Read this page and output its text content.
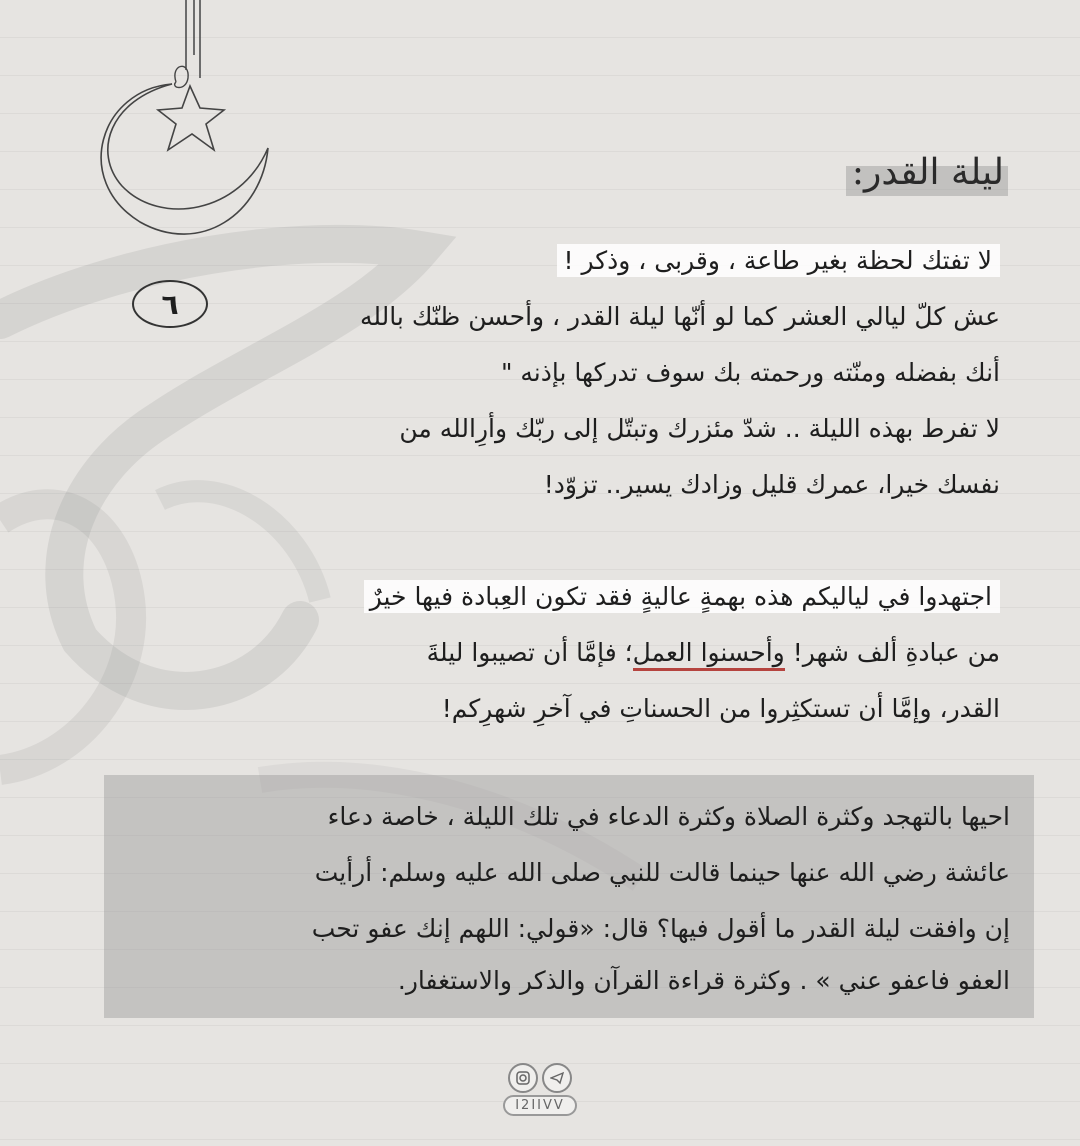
ليلة القدر:
٦
لا تفتك لحظة بغير طاعة ، وقربى ، وذكر !
عش كلّ ليالي العشر كما لو أنّها ليلة القدر ، وأحسن ظنّك بالله
أنك بفضله ومنّته ورحمته بك سوف تدركها بإذنه "
لا تفرط بهذه الليلة .. شدّ مئزرك وتبتّل إلى ربّك وأرِالله من
نفسك خيرا، عمرك قليل وزادك يسير.. تزوّد!
اجتهدوا في لياليكم هذه بهمةٍ عاليةٍ فقد تكون العِبادة فيها خيرٌ
من عبادةِ ألف شهر! وأحسنوا العمل؛ فإمَّا أن تصيبوا ليلةَ
القدر، وإمَّا أن تستكثِروا من الحسناتِ في آخرِ شهرِكم!
احيها بالتهجد وكثرة الصلاة وكثرة الدعاء في تلك الليلة ، خاصة دعاء
عائشة رضي الله عنها حينما قالت للنبي صلى الله عليه وسلم: أرأيت
إن وافقت ليلة القدر ما أقول فيها؟ قال: «قولي: اللهم إنك عفو تحب
العفو فاعفو عني » . وكثرة قراءة القرآن والذكر والاستغفار.
I2IIVV
